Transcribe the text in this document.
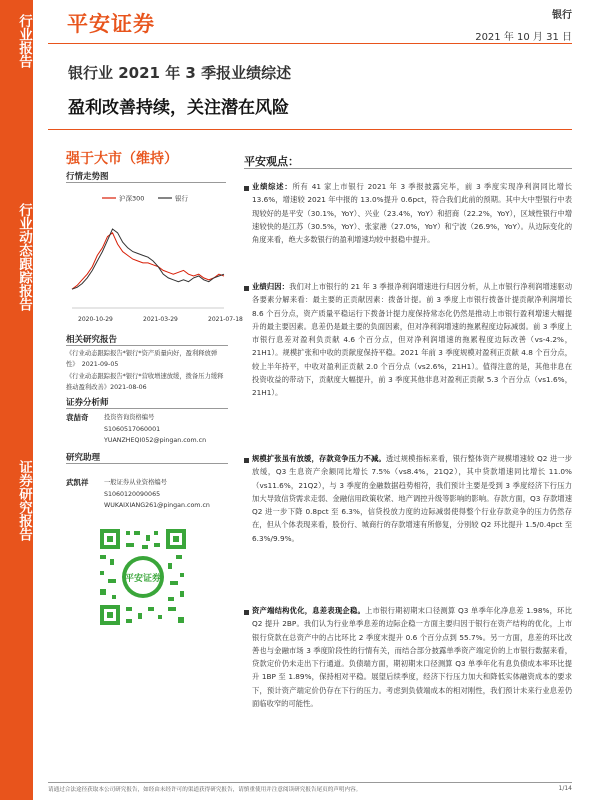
行业报告
行业动态跟踪报告
证券研究报告
平安证券	银行
2021 年 10 月 31 日
银行业 2021 年 3 季报业绩综述
盈利改善持续，关注潜在风险
强于大市（维持）
行情走势图
沪深300	银行
2020-10-29	2021-03-29	2021-07-18
相关研究报告
《行业动态跟踪报告*银行*资产质量向好，盈利释放弹性》　2021-09-05
《行业动态跟踪报告*银行*营收增速放缓，拨备压力缓释推动盈利改善》2021-08-06
证券分析师
袁喆奇 投资咨询资格编号
S1060517060001
YUANZHEQI052@pingan.com.cn
研究助理
武凯祥 一般证券从业资格编号
S1060120090065
WUKAIXIANG261@pingan.com.cn
平安证券
平安观点：
业绩综述：所有 41 家上市银行 2021 年 3 季报披露完毕，前 3 季度实现净利润同比增长 13.6%，增速较 2021 年中报的 13.0%提升 0.6pct，符合我们此前的预期。其中大中型银行中表现较好的是平安（30.1%，YoY）、兴业（23.4%，YoY）和招商（22.2%，YoY），区域性银行中增速较快的是江苏（30.5%，YoY）、张家港（27.0%，YoY）和宁波（26.9%，YoY）。从边际变化的角度来看，绝大多数银行的盈利增速均较中报稳中提升。
业绩归因：我们对上市银行的 21 年 3 季报净利润增速进行归因分析，从上市银行净利润增速驱动各要素分解来看：最主要的正贡献因素：拨备计提。前 3 季度上市银行拨备计提贡献净利润增长 8.6 个百分点，资产质量平稳运行下拨备计提力度保持常态化仍然是推动上市银行盈利增速大幅提升的最主要因素。息差仍是最主要的负面因素，但对净利润增速的拖累程度边际减弱。前 3 季度上市银行息差对盈利负贡献 4.6 个百分点，但对净利润增速的拖累程度边际改善（vs-4.2%，21H1）。规模扩张和中收的贡献度保持平稳。2021 年前 3 季度规模对盈利正贡献 4.8 个百分点，较上半年持平，中收对盈利正贡献 2.0 个百分点（vs2.6%，21H1）。值得注意的是，其他非息在投资收益的带动下，贡献度大幅提升，前 3 季度其他非息对盈利正贡献 5.3 个百分点（vs1.6%，21H1）。
规模扩张虽有放缓，存款竞争压力不减。透过规模指标来看，银行整体资产规模增速较 Q2 进一步放缓，Q3 生息资产余额同比增长 7.5%（vs8.4%，21Q2），其中贷款增速同比增长 11.0%（vs11.6%，21Q2），与 3 季度的金融数据趋势相符，我们预计主要是受到 3 季度经济下行压力加大导致信贷需求走弱、金融信用政策收紧、地产调控升级等影响的影响。存款方面，Q3 存款增速 Q2 进一步下降 0.8pct 至 6.3%，信贷投放力度的边际减弱使得整个行业存款竞争的压力仍然存在，但从个体表现来看，股份行、城商行的存款增速有所修复，分别较 Q2 环比提升 1.5/0.4pct 至 6.3%/9.9%。
资产端结构优化，息差表现企稳。上市银行期初期末口径测算 Q3 单季年化净息差 1.98%，环比 Q2 提升 2BP。我们认为行业单季息差的边际企稳一方面主要归因于银行在资产结构的优化，上市银行贷款在总资产中的占比环比 2 季度末提升 0.6 个百分点到 55.7%。另一方面，息差的环比改善也与金融市场 3 季度阶段性的行情有关，而结合部分披露单季资产端定价的上市银行数据来看，贷款定价仍未走出下行通道。负债端方面，期初期末口径测算 Q3 单季年化有息负债成本率环比提升 1BP 至 1.89%，保持相对平稳。展望后续季度，经济下行压力加大和降低实体融资成本的要求下，预计资产端定价仍存在下行的压力。考虑到负债端成本的相对刚性，我们预计未来行业息差仍面临收窄的可能性。
请通过合法途径获取本公司研究报告，如经由未经许可的渠道获得研究报告，请慎重使用并注意阅读研究报告尾页的声明内容。	1/14
